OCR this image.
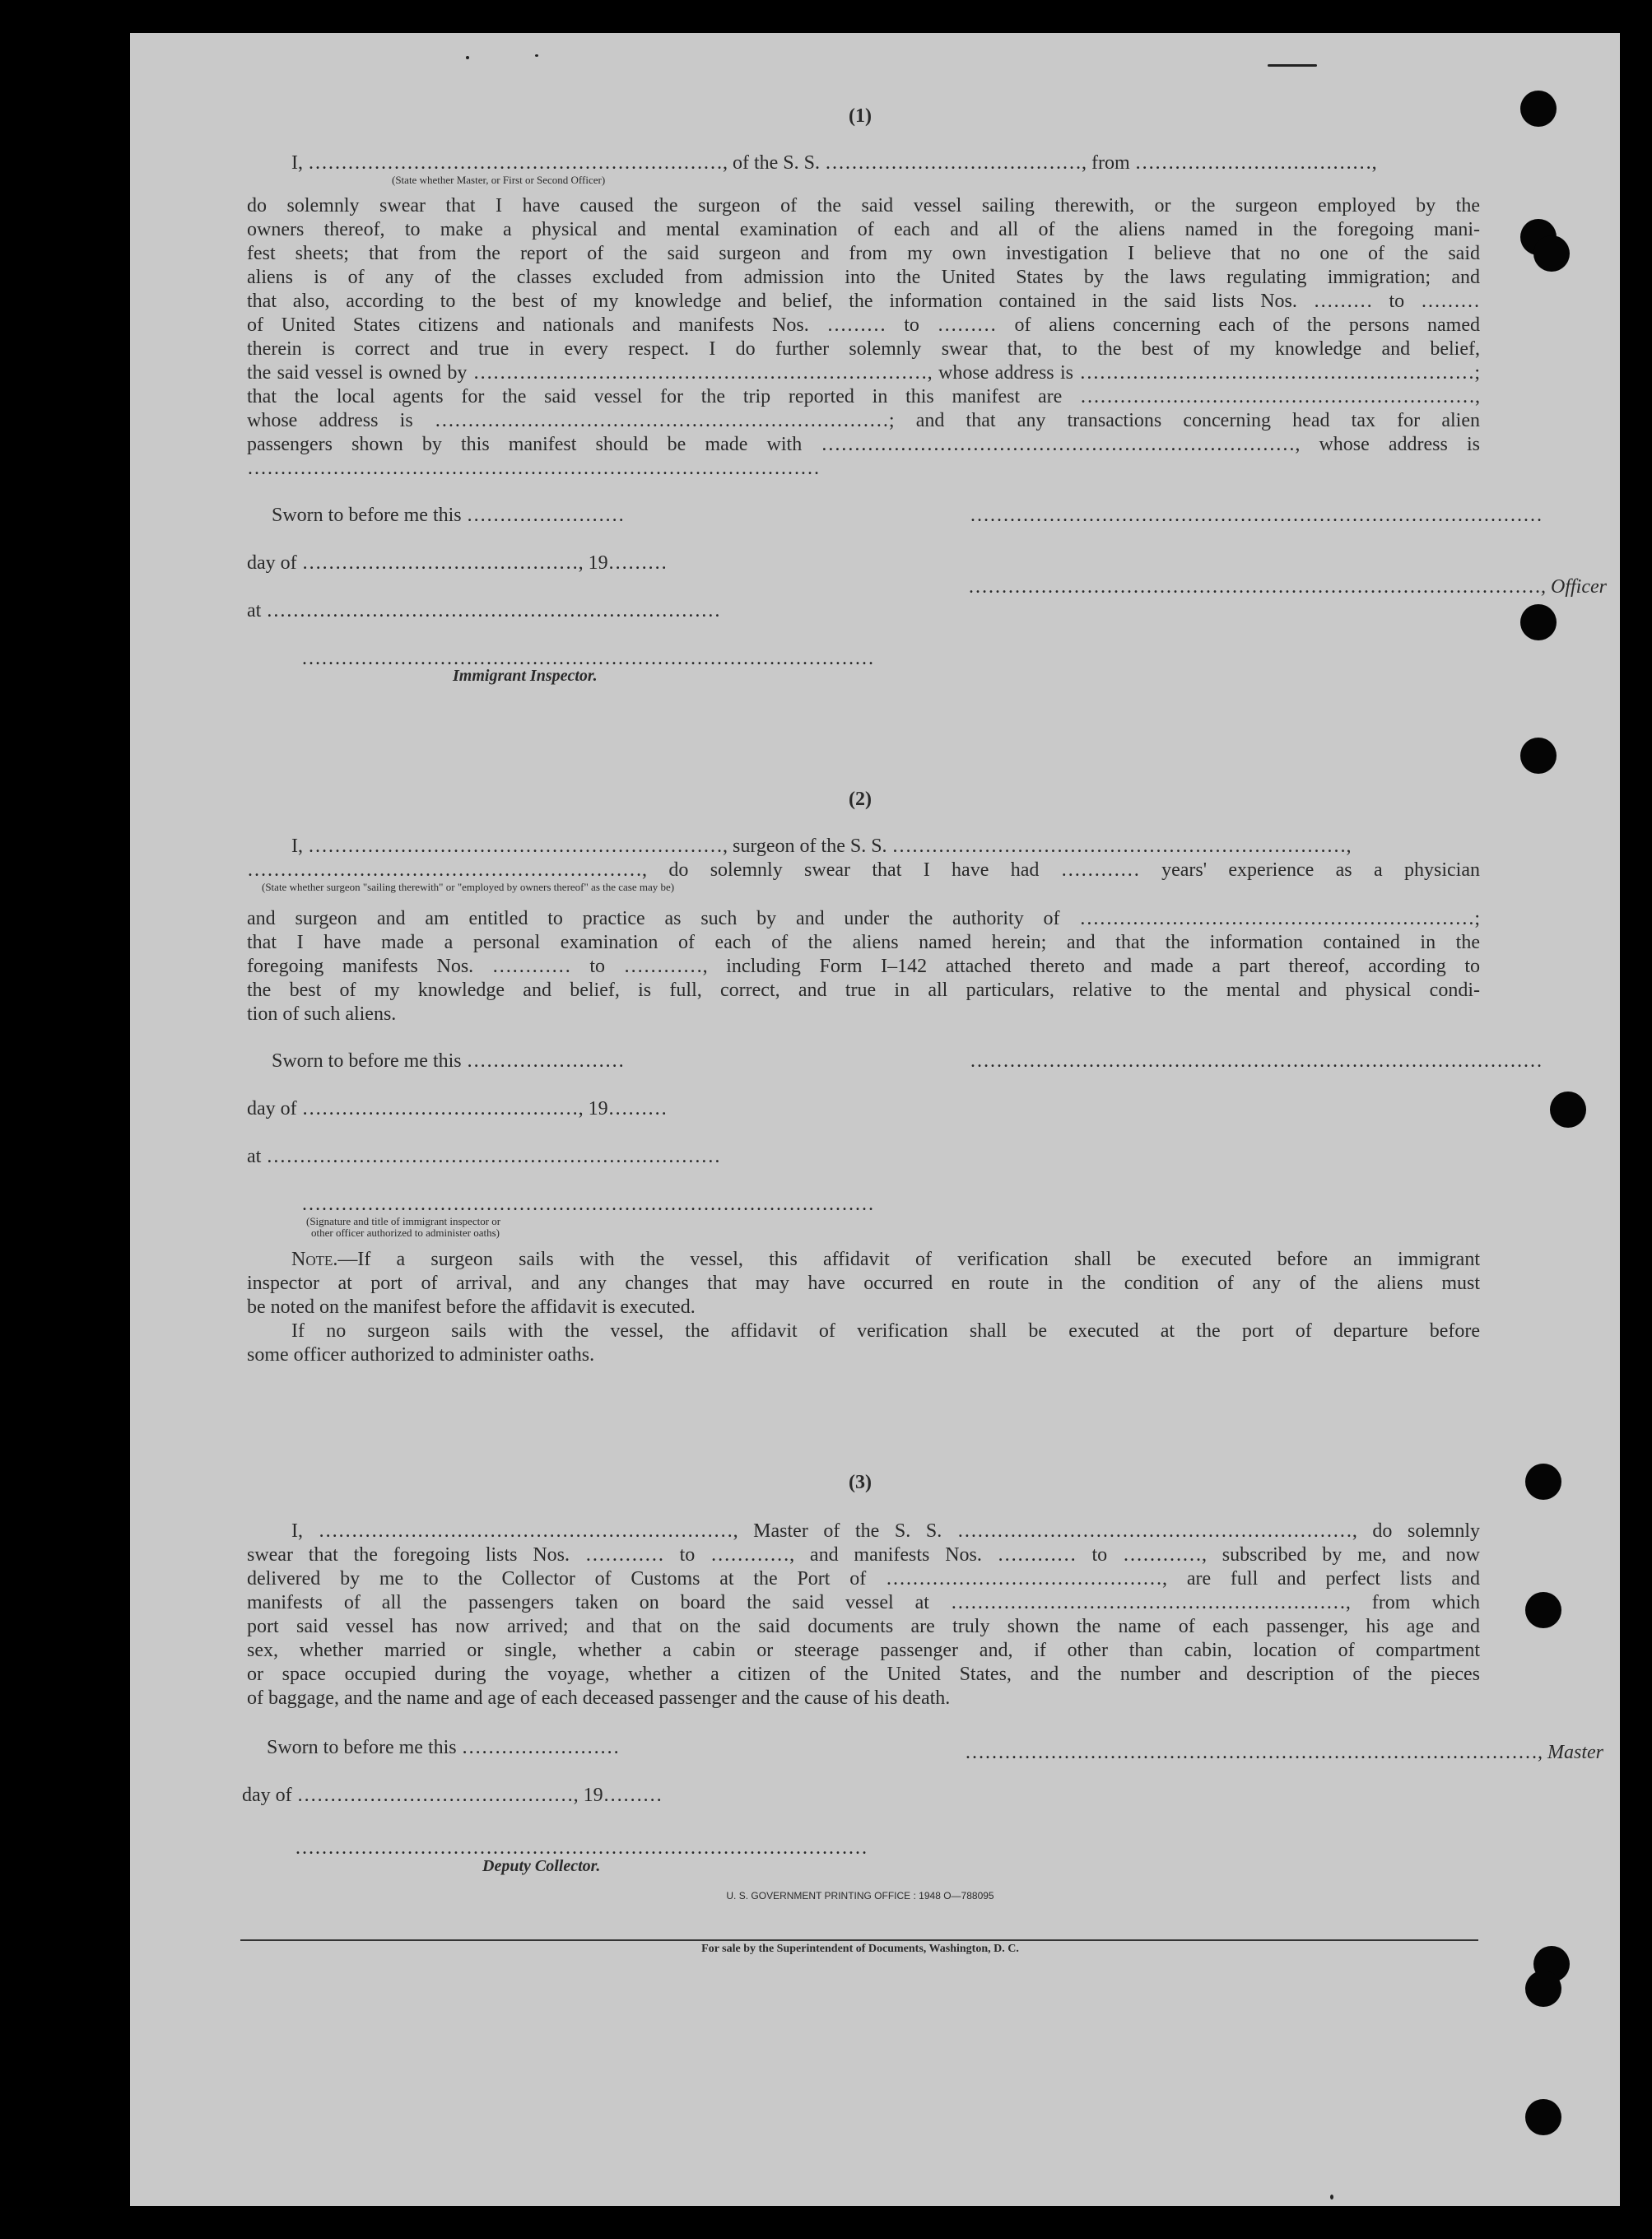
(1)
I, ………………………………………………………, of the S. S. …………………………………, from ………………………………,
(State whether Master, or First or Second Officer)
do solemnly swear that I have caused the surgeon of the said vessel sailing therewith, or the surgeon employed by the
owners thereof, to make a physical and mental examination of each and all of the aliens named in the foregoing mani-
fest sheets; that from the report of the said surgeon and from my own investigation I believe that no one of the said
aliens is of any of the classes excluded from admission into the United States by the laws regulating immigration; and
that also, according to the best of my knowledge and belief, the information contained in the said lists Nos. ……… to ………
of United States citizens and nationals and manifests Nos. ……… to ……… of aliens concerning each of the persons named
therein is correct and true in every respect. I do further solemnly swear that, to the best of my knowledge and belief,
the said vessel is owned by ……………………………………………………………, whose address is ……………………………………………………;
that the local agents for the said vessel for the trip reported in this manifest are ……………………………………………………,
whose address is ……………………………………………………………; and that any transactions concerning head tax for alien
passengers shown by this manifest should be made with ………………………………………………………………, whose address is
……………………………………………………………………………
Sworn to before me this ……………………	……………………………………………………………………………
day of ……………………………………, 19………
……………………………………………………………………………, Officer
at ……………………………………………………………
……………………………………………………………………………
Immigrant Inspector.
(2)
I, ………………………………………………………, surgeon of the S. S. ……………………………………………………………,
……………………………………………………, do solemnly swear that I have had ………… years' experience as a physician
(State whether surgeon "sailing therewith" or "employed by owners thereof" as the case may be)
and surgeon and am entitled to practice as such by and under the authority of ……………………………………………………;
that I have made a personal examination of each of the aliens named herein; and that the information contained in the
foregoing manifests Nos. ………… to …………, including Form I–142 attached thereto and made a part thereof, according to
the best of my knowledge and belief, is full, correct, and true in all particulars, relative to the mental and physical condi-
tion of such aliens.
Sworn to before me this ……………………	……………………………………………………………………………
day of ……………………………………, 19………
at ……………………………………………………………
……………………………………………………………………………
(Signature and title of immigrant inspector or
other officer authorized to administer oaths)
Note.—If a surgeon sails with the vessel, this affidavit of verification shall be executed before an immigrant
inspector at port of arrival, and any changes that may have occurred en route in the condition of any of the aliens must
be noted on the manifest before the affidavit is executed.
If no surgeon sails with the vessel, the affidavit of verification shall be executed at the port of departure before
some officer authorized to administer oaths.
(3)
I, ………………………………………………………, Master of the S. S. ……………………………………………………, do solemnly
swear that the foregoing lists Nos. ………… to …………, and manifests Nos. ………… to …………, subscribed by me, and now
delivered by me to the Collector of Customs at the Port of ……………………………………, are full and perfect lists and
manifests of all the passengers taken on board the said vessel at ……………………………………………………, from which
port said vessel has now arrived; and that on the said documents are truly shown the name of each passenger, his age and
sex, whether married or single, whether a cabin or steerage passenger and, if other than cabin, location of compartment
or space occupied during the voyage, whether a citizen of the United States, and the number and description of the pieces
of baggage, and the name and age of each deceased passenger and the cause of his death.
Sworn to before me this ……………………	……………………………………………………………………………, Master
day of ……………………………………, 19………
……………………………………………………………………………
Deputy Collector.
U. S. GOVERNMENT PRINTING OFFICE : 1948 O—788095
For sale by the Superintendent of Documents, Washington, D. C.
